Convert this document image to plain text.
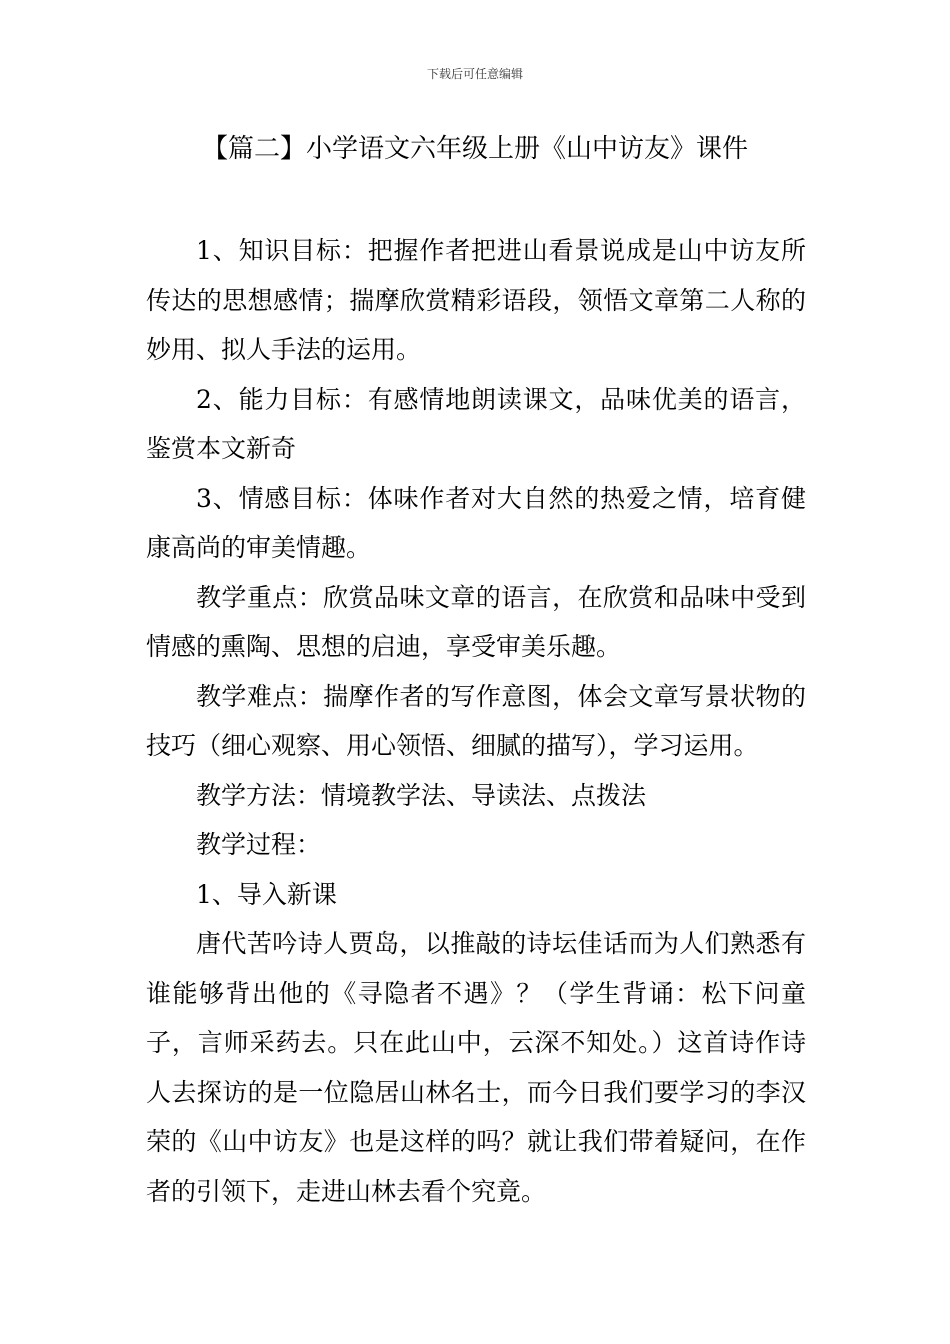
下载后可任意编辑
【篇二】小学语文六年级上册《山中访友》课件

1、知识目标：把握作者把进山看景说成是山中访友所传达的思想感情；揣摩欣赏精彩语段，领悟文章第二人称的妙用、拟人手法的运用。

2、能力目标：有感情地朗读课文，品味优美的语言，鉴赏本文新奇

3、情感目标：体味作者对大自然的热爱之情，培育健康高尚的审美情趣。

教学重点：欣赏品味文章的语言，在欣赏和品味中受到情感的熏陶、思想的启迪，享受审美乐趣。

教学难点：揣摩作者的写作意图，体会文章写景状物的技巧（细心观察、用心领悟、细腻的描写），学习运用。

教学方法：情境教学法、导读法、点拨法

教学过程：

1、导入新课

唐代苦吟诗人贾岛，以推敲的诗坛佳话而为人们熟悉有谁能够背出他的《寻隐者不遇》？（学生背诵：松下问童子，言师采药去。只在此山中，云深不知处。）这首诗作诗人去探访的是一位隐居山林名士，而今日我们要学习的李汉荣的《山中访友》也是这样的吗？就让我们带着疑问，在作者的引领下，走进山林去看个究竟。
